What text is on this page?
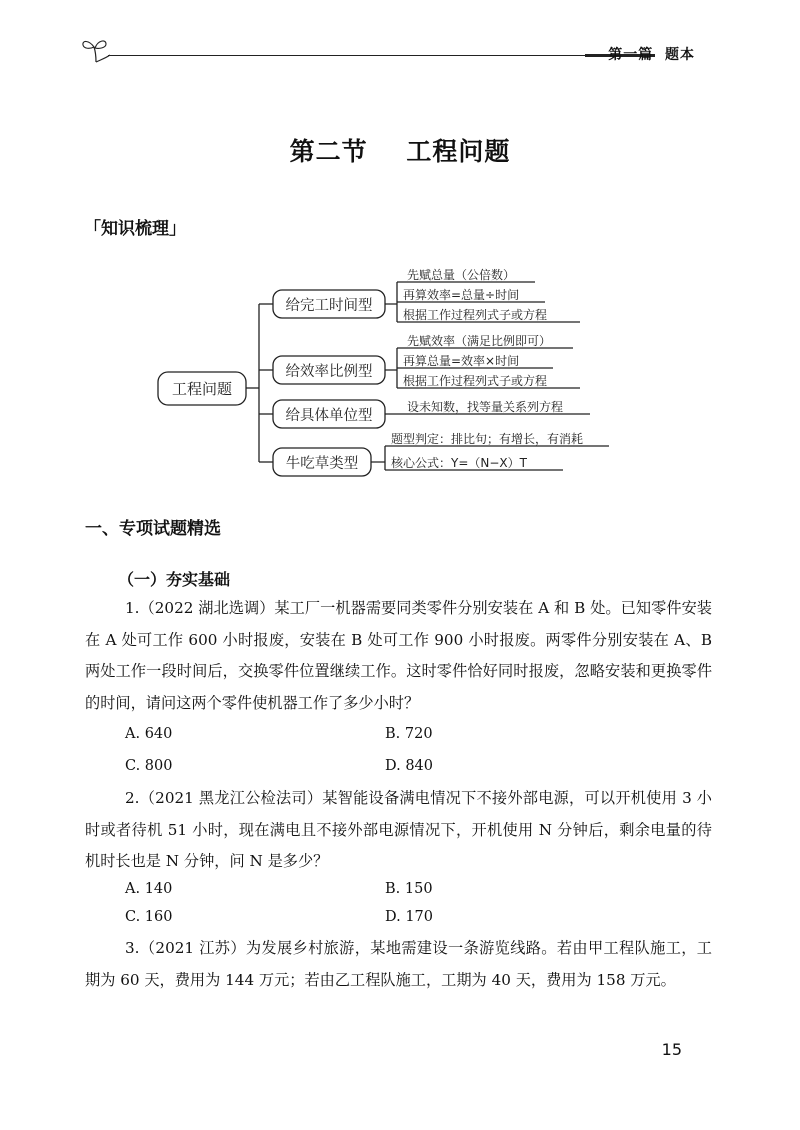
第一篇  题本
第二节    工程问题
「知识梳理」
工程问题
给完工时间型
给效率比例型
给具体单位型
牛吃草类型
先赋总量（公倍数）
再算效率=总量÷时间
根据工作过程列式子或方程
先赋效率（满足比例即可）
再算总量=效率×时间
根据工作过程列式子或方程
设未知数，找等量关系列方程
题型判定：排比句；有增长，有消耗
核心公式：Y=（N−X）T
一、专项试题精选
（一）夯实基础
1.（2022 湖北选调）某工厂一机器需要同类零件分别安装在 A 和 B 处。已知零件安装在 A 处可工作 600 小时报废，安装在 B 处可工作 900 小时报废。两零件分别安装在 A、B 两处工作一段时间后，交换零件位置继续工作。这时零件恰好同时报废，忽略安装和更换零件的时间，请问这两个零件使机器工作了多少小时？
A. 640	B. 720
C. 800	D. 840
2.（2021 黑龙江公检法司）某智能设备满电情况下不接外部电源，可以开机使用 3 小时或者待机 51 小时，现在满电且不接外部电源情况下，开机使用 N 分钟后，剩余电量的待机时长也是 N 分钟，问 N 是多少？
A. 140	B. 150
C. 160	D. 170
3.（2021 江苏）为发展乡村旅游，某地需建设一条游览线路。若由甲工程队施工，工期为 60 天，费用为 144 万元；若由乙工程队施工，工期为 40 天，费用为 158 万元。
15
